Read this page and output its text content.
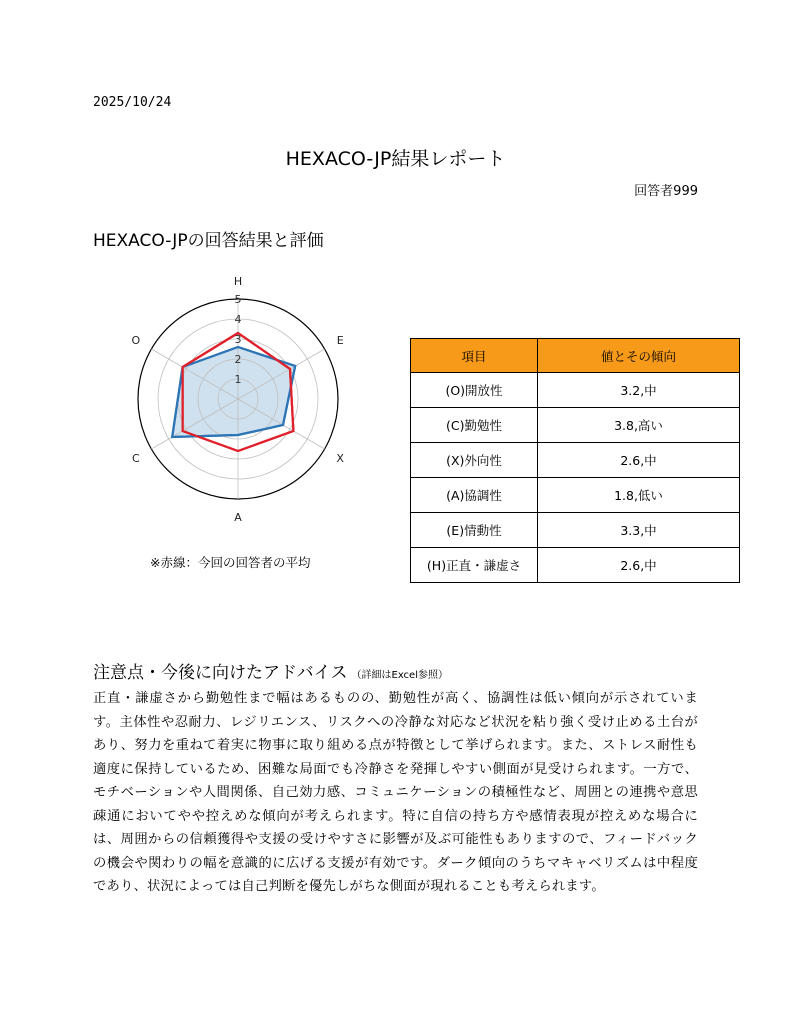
2025/10/24
HEXACO-JP結果レポート
回答者999
HEXACO-JPの回答結果と評価
1
2
3
4
5
H
E
X
A
C
O
※赤線：今回の回答者の平均
項目	値とその傾向
(O)開放性	3.2,中
(C)勤勉性	3.8,高い
(X)外向性	2.6,中
(A)協調性	1.8,低い
(E)情動性	3.3,中
(H)正直・謙虚さ	2.6,中
注意点・今後に向けたアドバイス （詳細はExcel参照）
正直・謙虚さから勤勉性まで幅はあるものの、勤勉性が高く、協調性は低い傾向が示されています。主体性や忍耐力、レジリエンス、リスクへの冷静な対応など状況を粘り強く受け止める土台があり、努力を重ねて着実に物事に取り組める点が特徴として挙げられます。また、ストレス耐性も適度に保持しているため、困難な局面でも冷静さを発揮しやすい側面が見受けられます。一方で、モチベーションや人間関係、自己効力感、コミュニケーションの積極性など、周囲との連携や意思疎通においてやや控えめな傾向が考えられます。特に自信の持ち方や感情表現が控えめな場合には、周囲からの信頼獲得や支援の受けやすさに影響が及ぶ可能性もありますので、フィードバックの機会や関わりの幅を意識的に広げる支援が有効です。ダーク傾向のうちマキャベリズムは中程度であり、状況によっては自己判断を優先しがちな側面が現れることも考えられます。
